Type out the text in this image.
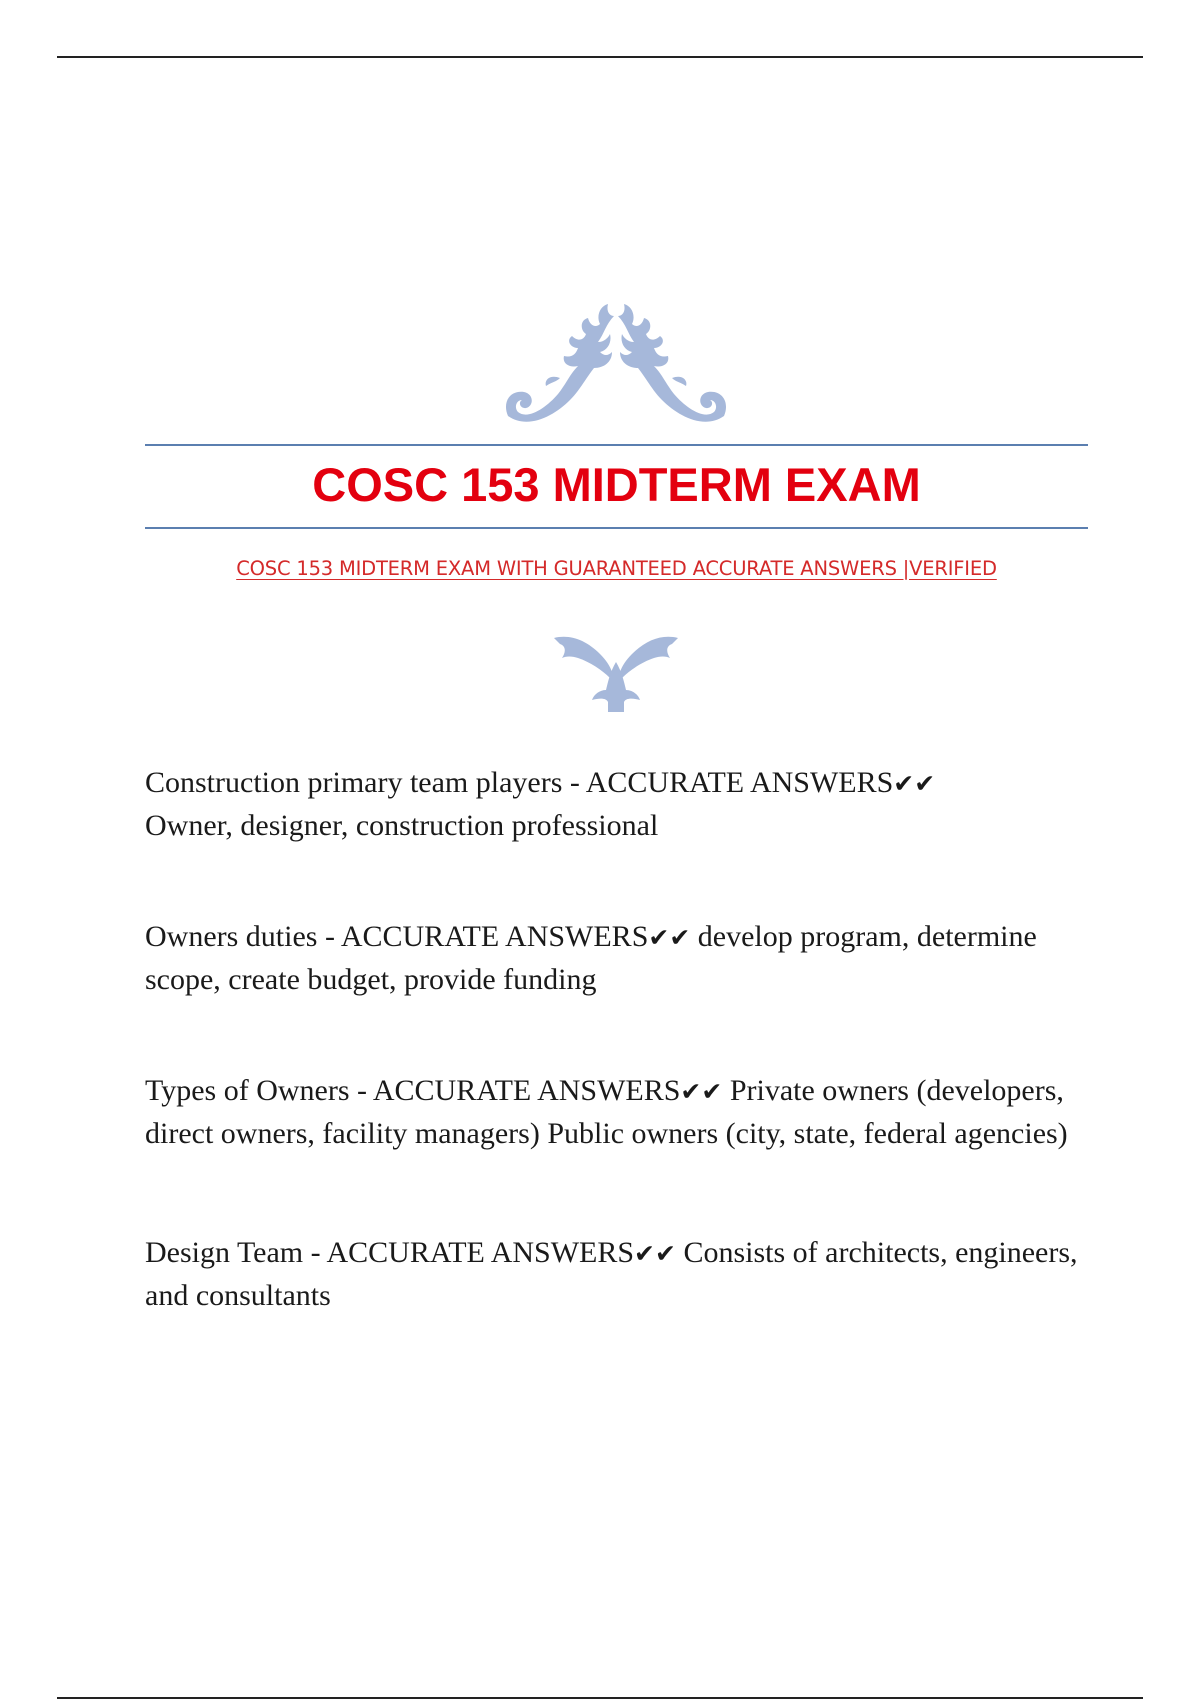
COSC 153 MIDTERM EXAM
COSC 153 MIDTERM EXAM WITH GUARANTEED ACCURATE ANSWERS |VERIFIED

Construction primary team players - ACCURATE ANSWERS✔✔
Owner, designer, construction professional

Owners duties - ACCURATE ANSWERS✔✔ develop program, determine scope, create budget, provide funding

Types of Owners - ACCURATE ANSWERS✔✔ Private owners (developers, direct owners, facility managers) Public owners (city, state, federal agencies)

Design Team - ACCURATE ANSWERS✔✔ Consists of architects, engineers, and consultants
